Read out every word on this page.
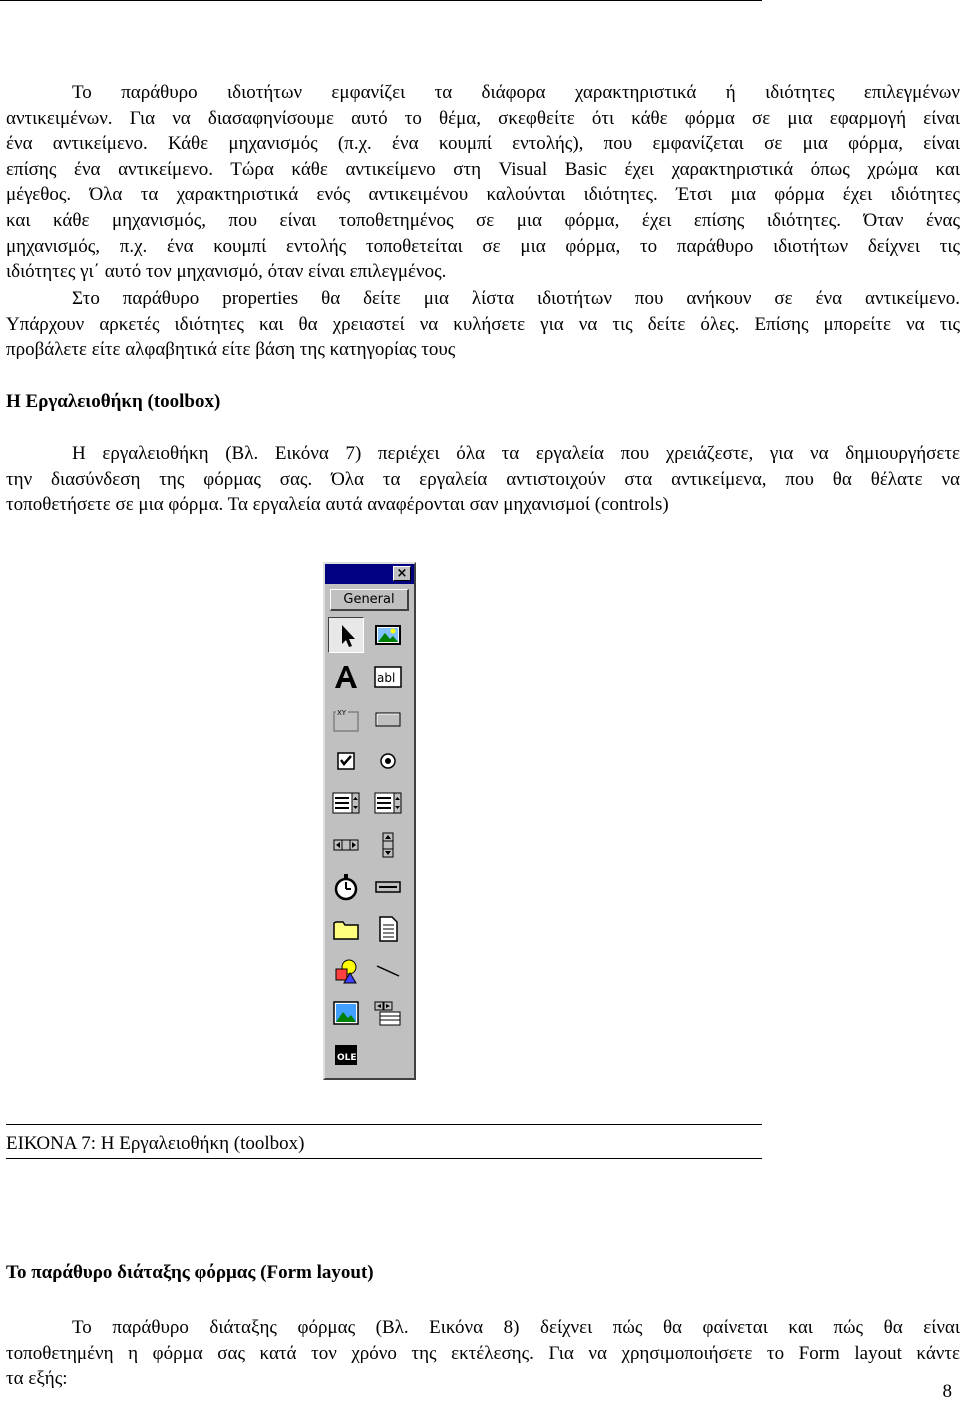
Το παράθυρο ιδιοτήτων εμφανίζει τα διάφορα χαρακτηριστικά ή ιδιότητες επιλεγμένων
αντικειμένων. Για να διασαφηνίσουμε αυτό το θέμα, σκεφθείτε ότι κάθε φόρμα σε μια εφαρμογή είναι
ένα αντικείμενο. Κάθε μηχανισμός (π.χ. ένα κουμπί εντολής), που εμφανίζεται σε μια φόρμα, είναι
επίσης ένα αντικείμενο. Τώρα κάθε αντικείμενο στη Visual Basic έχει χαρακτηριστικά όπως χρώμα και
μέγεθος. Όλα τα χαρακτηριστικά ενός αντικειμένου καλούνται ιδιότητες. Έτσι μια φόρμα έχει ιδιότητες
και κάθε μηχανισμός, που είναι τοποθετημένος σε μια φόρμα, έχει επίσης ιδιότητες. Όταν ένας
μηχανισμός, π.χ. ένα κουμπί εντολής τοποθετείται σε μια φόρμα, το παράθυρο ιδιοτήτων δείχνει τις
ιδιότητες γι΄ αυτό τον μηχανισμό, όταν είναι επιλεγμένος.

Στο παράθυρο properties θα δείτε μια λίστα ιδιοτήτων που ανήκουν σε ένα αντικείμενο.
Υπάρχουν αρκετές ιδιότητες και θα χρειαστεί να κυλήσετε για να τις δείτε όλες. Επίσης μπορείτε να τις
προβάλετε είτε αλφαβητικά είτε βάση της κατηγορίας τους

Η Εργαλειοθήκη (toolbox)

Η εργαλειοθήκη (Βλ. Εικόνα 7) περιέχει όλα τα εργαλεία που χρειάζεστε, για να δημιουργήσετε
την διασύνδεση της φόρμας σας. Όλα τα εργαλεία αντιστοιχούν στα αντικείμενα, που θα θέλατε να
τοποθετήσετε σε μια φόρμα. Τα εργαλεία αυτά αναφέρονται σαν μηχανισμοί (controls)

×
General
abl
XY
OLE

ΕΙΚΟΝΑ 7: Η Εργαλειοθήκη (toolbox)

Το παράθυρο διάταξης φόρμας (Form layout)

Το παράθυρο διάταξης φόρμας (Βλ. Εικόνα 8) δείχνει πώς θα φαίνεται και πώς θα είναι
τοποθετημένη η φόρμα σας κατά τον χρόνο της εκτέλεσης. Για να χρησιμοποιήσετε το Form layout κάντε
τα εξής:

8
